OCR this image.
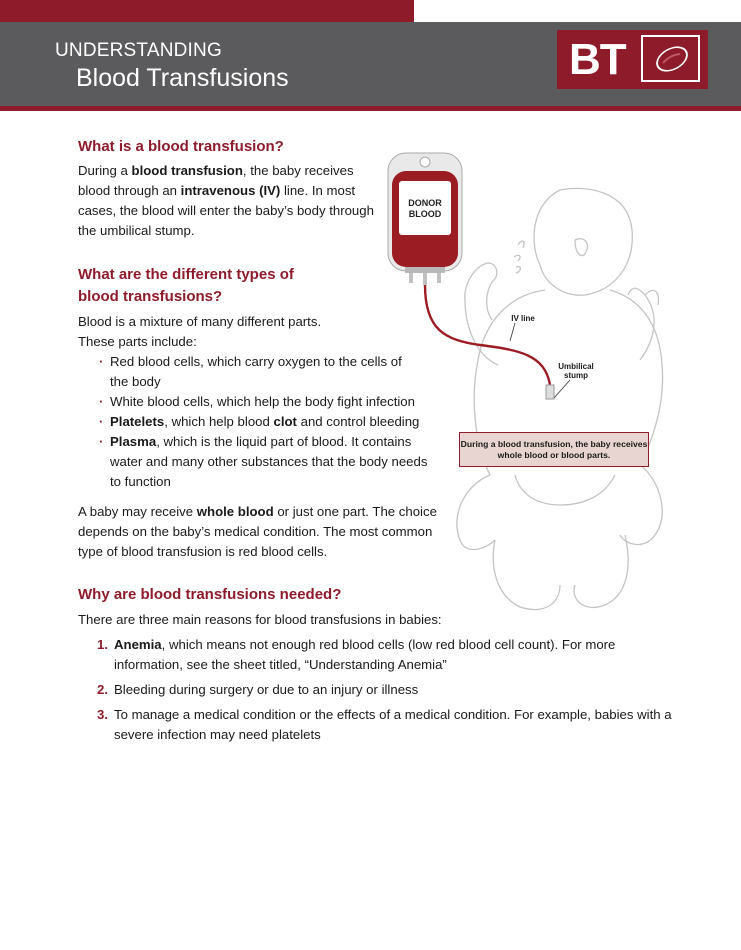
UNDERSTANDING
Blood Transfusions	BT
DONOR
BLOOD
IV line
Umbilical
stump
During a blood transfusion, the baby receives whole blood or blood parts.
What is a blood transfusion?

During a blood transfusion, the baby receives blood through an intravenous (IV) line. In most cases, the blood will enter the baby’s body through the umbilical stump.

What are the different types of
blood transfusions?

Blood is a mixture of many different parts.
These parts include:

· Red blood cells, which carry oxygen to the cells of the body
· White blood cells, which help the body fight infection
· Platelets, which help blood clot and control bleeding
· Plasma, which is the liquid part of blood. It contains water and many other substances that the body needs to function

A baby may receive whole blood or just one part. The choice depends on the baby’s medical condition. The most common type of blood transfusion is red blood cells.

Why are blood transfusions needed?

There are three main reasons for blood transfusions in babies:

1. Anemia, which means not enough red blood cells (low red blood cell count). For more information, see the sheet titled, “Understanding Anemia”
2. Bleeding during surgery or due to an injury or illness
3. To manage a medical condition or the effects of a medical condition. For example, babies with a severe infection may need platelets
